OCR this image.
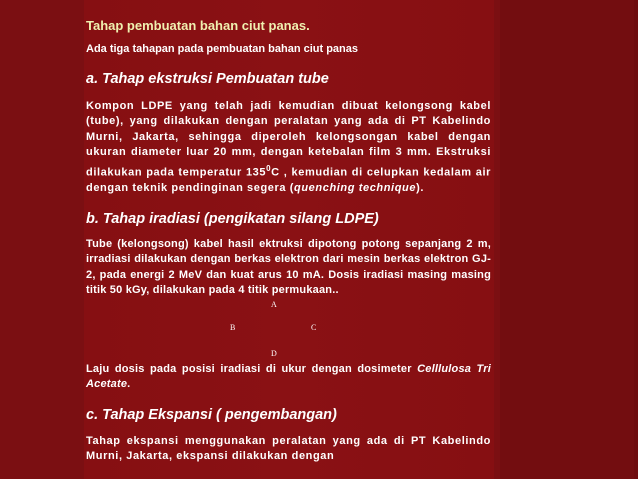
Tahap pembuatan bahan ciut panas.
Ada tiga tahapan pada pembuatan bahan ciut panas
a. Tahap ekstruksi Pembuatan tube
Kompon LDPE yang telah jadi kemudian dibuat kelongsong kabel (tube), yang dilakukan dengan peralatan yang ada di PT Kabelindo Murni, Jakarta, sehingga diperoleh kelongsongan kabel dengan ukuran diameter luar 20 mm, dengan ketebalan film 3 mm. Ekstruksi dilakukan pada temperatur $135^0C$ , kemudian di celupkan kedalam air dengan teknik pendinginan segera (quenching technique).
b. Tahap iradiasi (pengikatan silang LDPE)
Tube (kelongsong) kabel hasil ektruksi dipotong potong sepanjang 2 m, irradiasi dilakukan dengan berkas elektron dari mesin berkas elektron GJ-2, pada energi 2 MeV dan kuat arus 10 mA. Dosis iradiasi masing masing titik 50 kGy, dilakukan pada 4 titik permukaan..
A
B	C
D
Laju dosis pada posisi iradiasi di ukur dengan dosimeter Celllulosa Tri Acetate.
c. Tahap Ekspansi ( pengembangan)
Tahap ekspansi menggunakan peralatan yang ada di PT Kabelindo Murni, Jakarta, ekspansi dilakukan dengan
